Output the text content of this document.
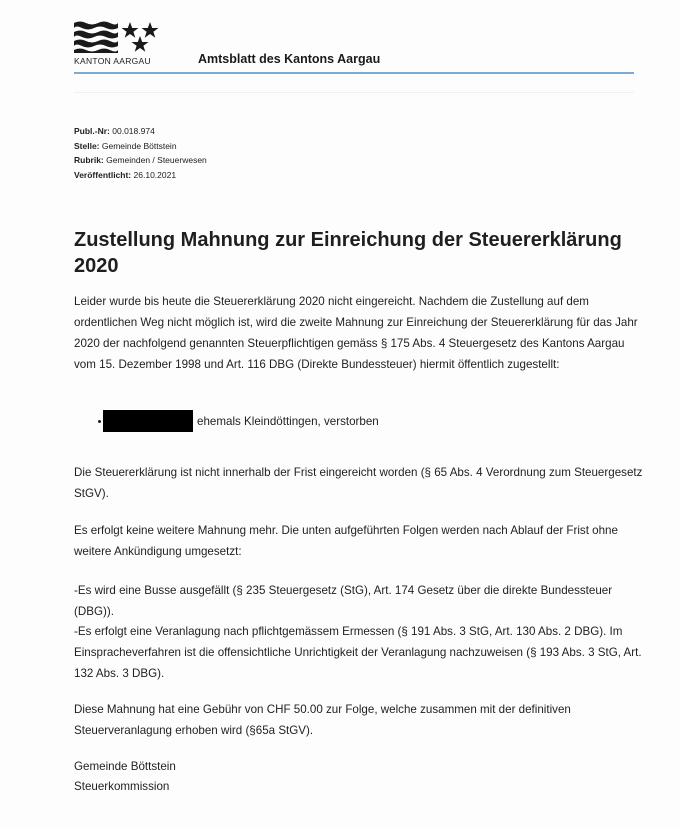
KANTON AARGAU	Amtsblatt des Kantons Aargau
Publ.-Nr: 00.018.974
Stelle: Gemeinde Böttstein
Rubrik: Gemeinden / Steuerwesen
Veröffentlicht: 26.10.2021
Zustellung Mahnung zur Einreichung der Steuererklärung 2020

Leider wurde bis heute die Steuererklärung 2020 nicht eingereicht. Nachdem die Zustellung auf dem ordentlichen Weg nicht möglich ist, wird die zweite Mahnung zur Einreichung der Steuererklärung für das Jahr 2020 der nachfolgend genannten Steuerpflichtigen gemäss § 175 Abs. 4 Steuergesetz des Kantons Aargau vom 15. Dezember 1998 und Art. 116 DBG (Direkte Bundessteuer) hiermit öffentlich zugestellt:

ehemals Kleindöttingen, verstorben

Die Steuererklärung ist nicht innerhalb der Frist eingereicht worden (§ 65 Abs. 4 Verordnung zum Steuergesetz StGV).

Es erfolgt keine weitere Mahnung mehr. Die unten aufgeführten Folgen werden nach Ablauf der Frist ohne weitere Ankündigung umgesetzt:

-Es wird eine Busse ausgefällt (§ 235 Steuergesetz (StG), Art. 174 Gesetz über die direkte Bundessteuer (DBG)).

-Es erfolgt eine Veranlagung nach pflichtgemässem Ermessen (§ 191 Abs. 3 StG, Art. 130 Abs. 2 DBG). Im Einspracheverfahren ist die offensichtliche Unrichtigkeit der Veranlagung nachzuweisen (§ 193 Abs. 3 StG, Art. 132 Abs. 3 DBG).

Diese Mahnung hat eine Gebühr von CHF 50.00 zur Folge, welche zusammen mit der definitiven Steuerveranlagung erhoben wird (§65a StGV).

Gemeinde Böttstein
Steuerkommission
